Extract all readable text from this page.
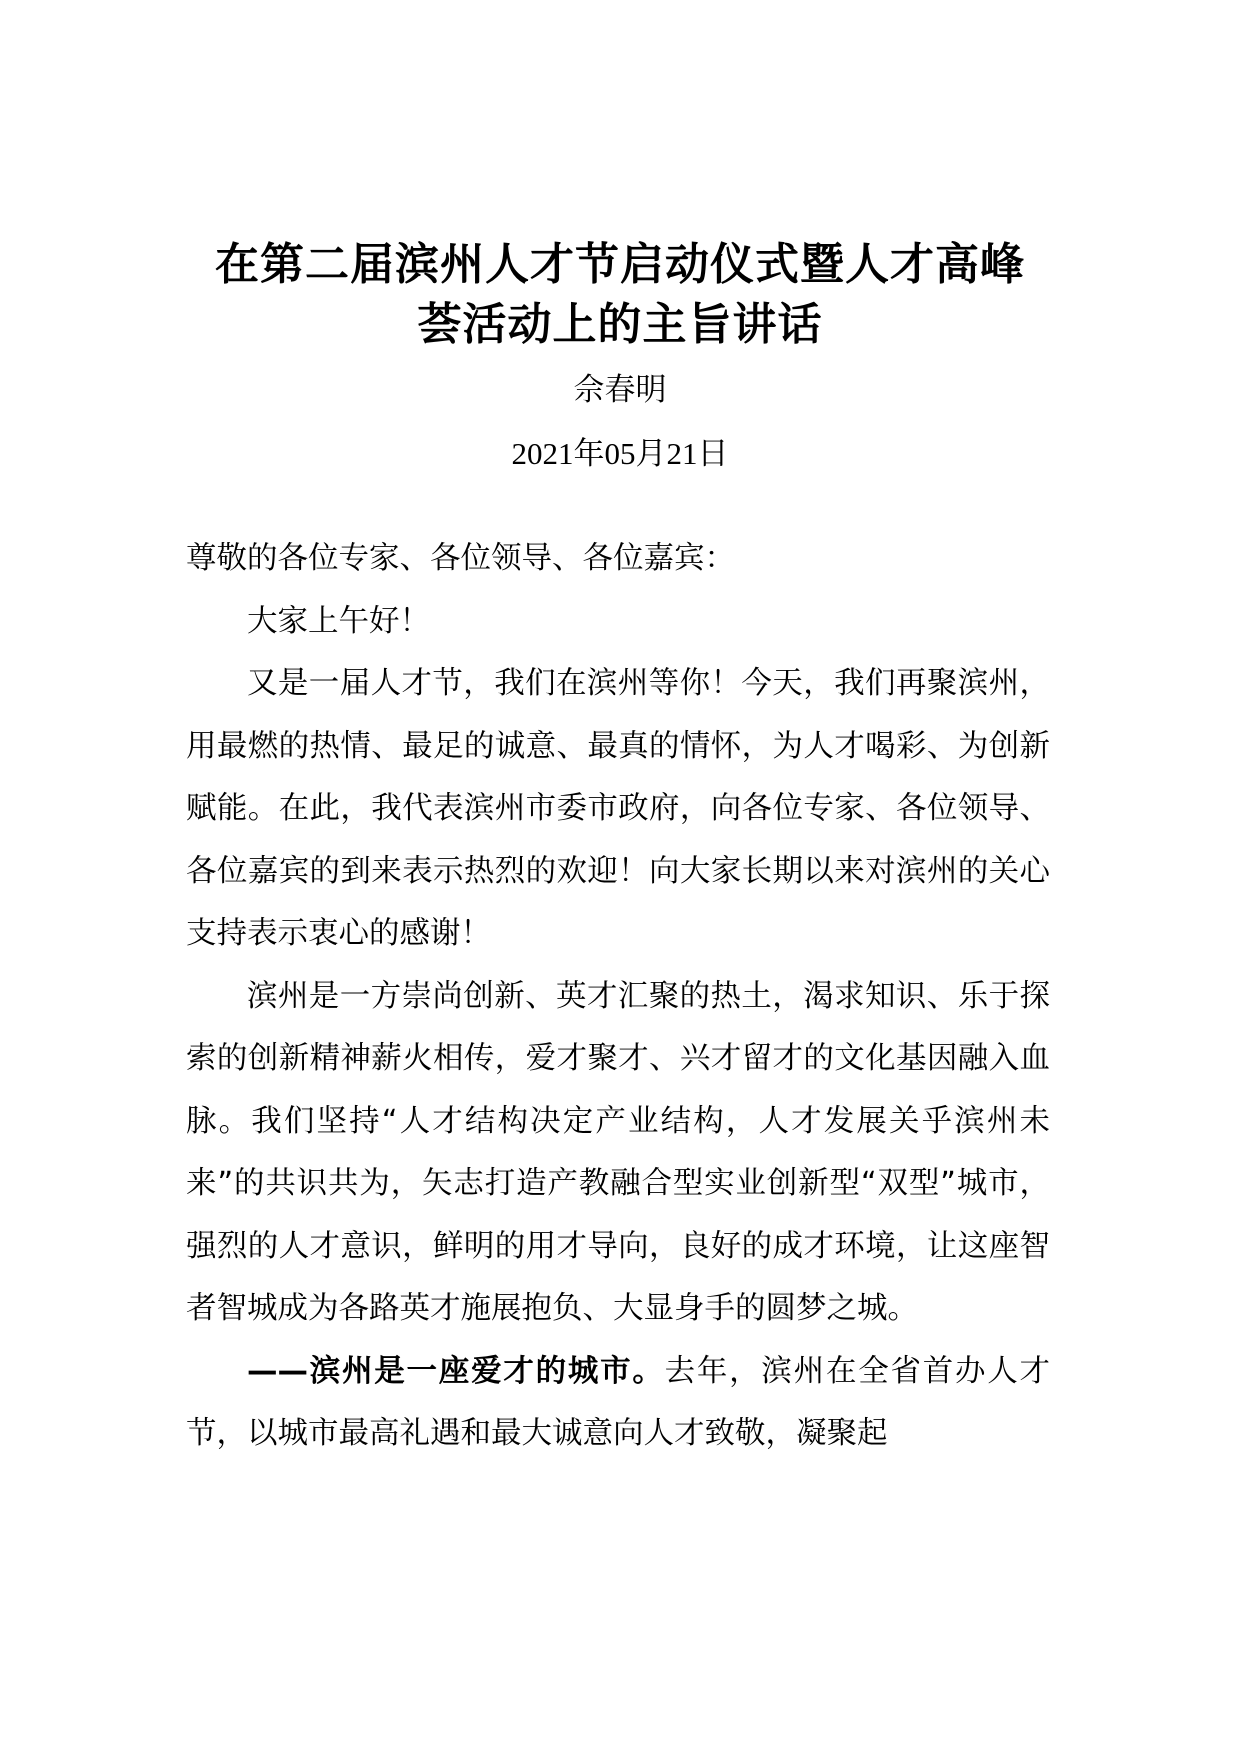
在第二届滨州人才节启动仪式暨人才高峰
荟活动上的主旨讲话
佘春明
2021年05月21日

尊敬的各位专家、各位领导、各位嘉宾：

大家上午好！

又是一届人才节，我们在滨州等你！今天，我们再聚滨州，用最燃的热情、最足的诚意、最真的情怀，为人才喝彩、为创新赋能。在此，我代表滨州市委市政府，向各位专家、各位领导、各位嘉宾的到来表示热烈的欢迎！向大家长期以来对滨州的关心支持表示衷心的感谢！

滨州是一方崇尚创新、英才汇聚的热土，渴求知识、乐于探索的创新精神薪火相传，爱才聚才、兴才留才的文化基因融入血脉。我们坚持“人才结构决定产业结构，人才发展关乎滨州未来”的共识共为，矢志打造产教融合型实业创新型“双型”城市，强烈的人才意识，鲜明的用才导向，良好的成才环境，让这座智者智城成为各路英才施展抱负、大显身手的圆梦之城。

——滨州是一座爱才的城市。去年，滨州在全省首办人才节，以城市最高礼遇和最大诚意向人才致敬，凝聚起
